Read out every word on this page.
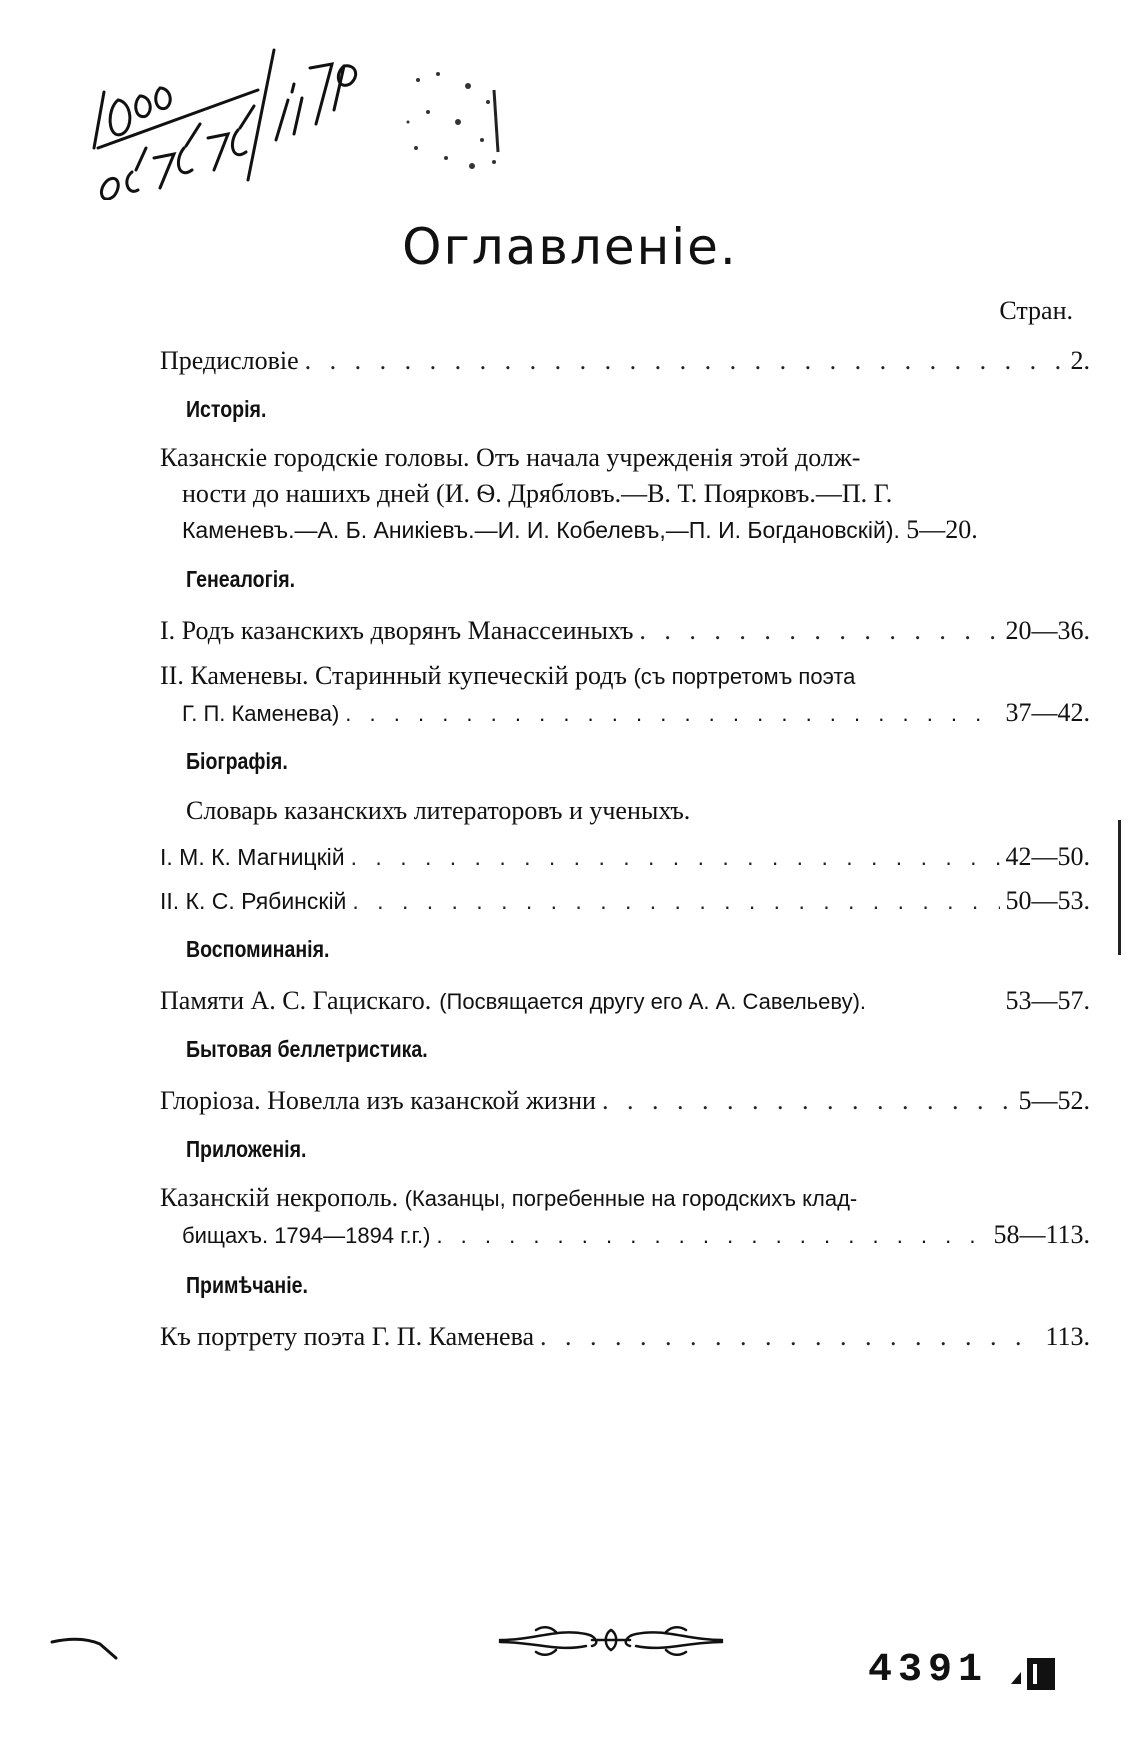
Оглавленіе.
Стран.
Предисловіе . . .	2.
Исторія.
Казанскіе городскіе головы. Отъ начала учрежденія этой долж-
ности до нашихъ дней (И. Ѳ. Дрябловъ.—В. Т. Поярковъ.—П. Г.
Каменевъ.—А. Б. Аникіевъ.—И. И. Кобелевъ,—П. И. Богдановскій). 5—20.
Генеалогія.
I. Родъ казанскихъ дворянъ Манассеиныхъ . . .	20—36.
II. Каменевы. Старинный купеческій родъ (съ портретомъ поэта
Г. П. Каменева) . . .	37—42.
Біографія.
Словарь казанскихъ литераторовъ и ученыхъ.
I. М. К. Магницкій . . .	42—50.
II. К. С. Рябинскій . . .	50—53.
Воспоминанія.
Памяти А. С. Гацискаго. (Посвящается другу его А. А. Савельеву).	53—57.
Бытовая беллетристика.
Глоріоза. Новелла изъ казанской жизни . . .	5—52.
Приложенія.
Казанскій некрополь. (Казанцы, погребенные на городскихъ клад-
бищахъ. 1794—1894 г.г.) . . .	58—113.
Примѣчаніе.
Къ портрету поэта Г. П. Каменева . . .	113.
4391
